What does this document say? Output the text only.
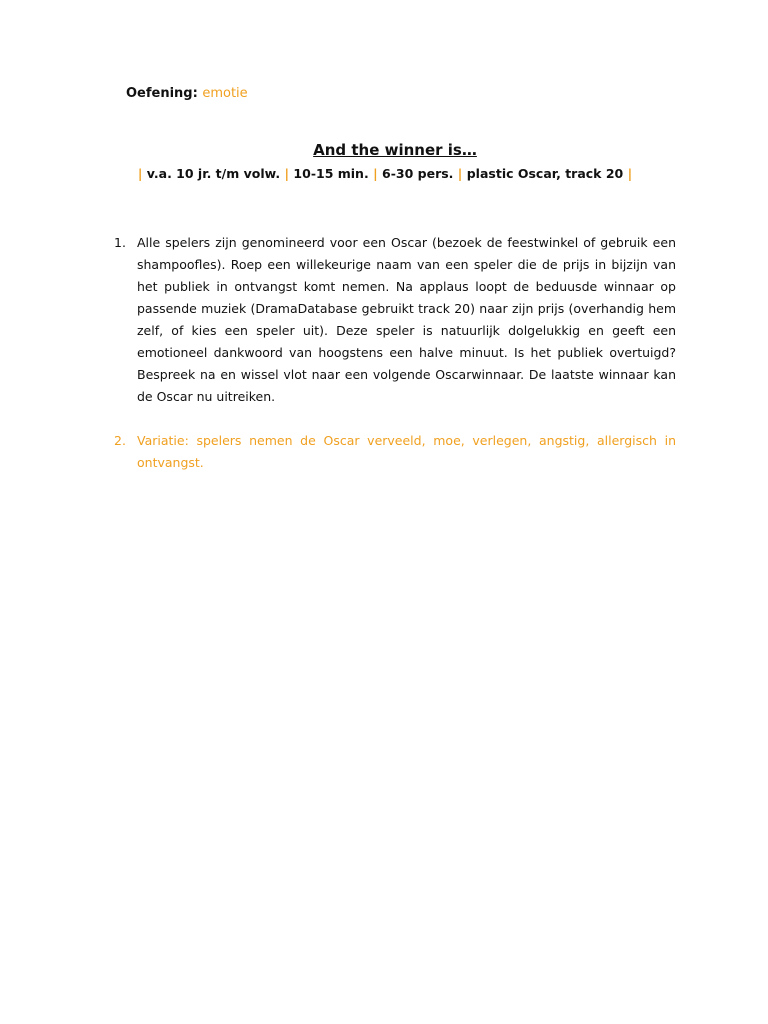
Oefening: emotie
And the winner is…
| v.a. 10 jr. t/m volw. | 10-15 min. | 6-30 pers. | plastic Oscar, track 20 |
1. Alle spelers zijn genomineerd voor een Oscar (bezoek de feestwinkel of gebruik een shampoofles). Roep een willekeurige naam van een speler die de prijs in bijzijn van het publiek in ontvangst komt nemen. Na applaus loopt de beduusde winnaar op passende muziek (DramaDatabase gebruikt track 20) naar zijn prijs (overhandig hem zelf, of kies een speler uit). Deze speler is natuurlijk dolgelukkig en geeft een emotioneel dankwoord van hoogstens een halve minuut. Is het publiek overtuigd? Bespreek na en wissel vlot naar een volgende Oscarwinnaar. De laatste winnaar kan de Oscar nu uitreiken.
2. Variatie: spelers nemen de Oscar verveeld, moe, verlegen, angstig, allergisch in ontvangst.
